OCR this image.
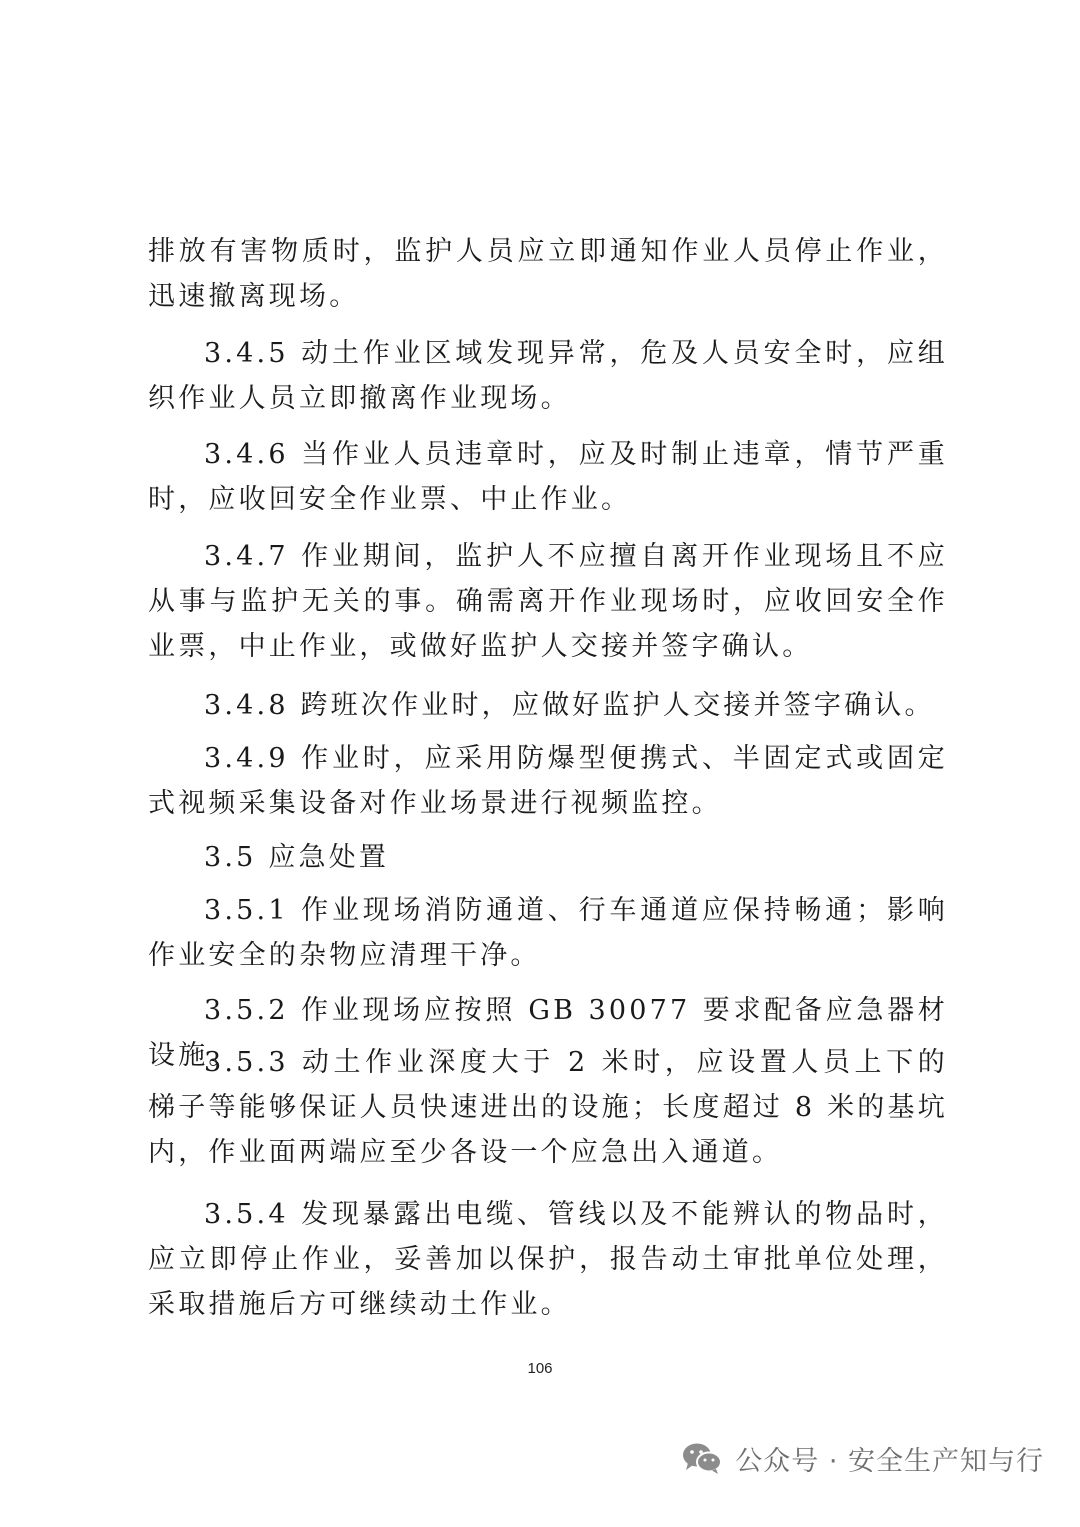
排放有害物质时，监护人员应立即通知作业人员停止作业，迅速撤离现场。

3.4.5 动土作业区域发现异常，危及人员安全时，应组织作业人员立即撤离作业现场。

3.4.6 当作业人员违章时，应及时制止违章，情节严重时，应收回安全作业票、中止作业。

3.4.7 作业期间，监护人不应擅自离开作业现场且不应从事与监护无关的事。确需离开作业现场时，应收回安全作业票，中止作业，或做好监护人交接并签字确认。

3.4.8 跨班次作业时，应做好监护人交接并签字确认。

3.4.9 作业时，应采用防爆型便携式、半固定式或固定式视频采集设备对作业场景进行视频监控。

3.5 应急处置

3.5.1 作业现场消防通道、行车通道应保持畅通；影响作业安全的杂物应清理干净。

3.5.2 作业现场应按照 GB 30077 要求配备应急器材设施。

3.5.3 动土作业深度大于 2 米时，应设置人员上下的梯子等能够保证人员快速进出的设施；长度超过 8 米的基坑内，作业面两端应至少各设一个应急出入通道。

3.5.4 发现暴露出电缆、管线以及不能辨认的物品时，应立即停止作业，妥善加以保护，报告动土审批单位处理，采取措施后方可继续动土作业。

106
公众号 · 安全生产知与行
